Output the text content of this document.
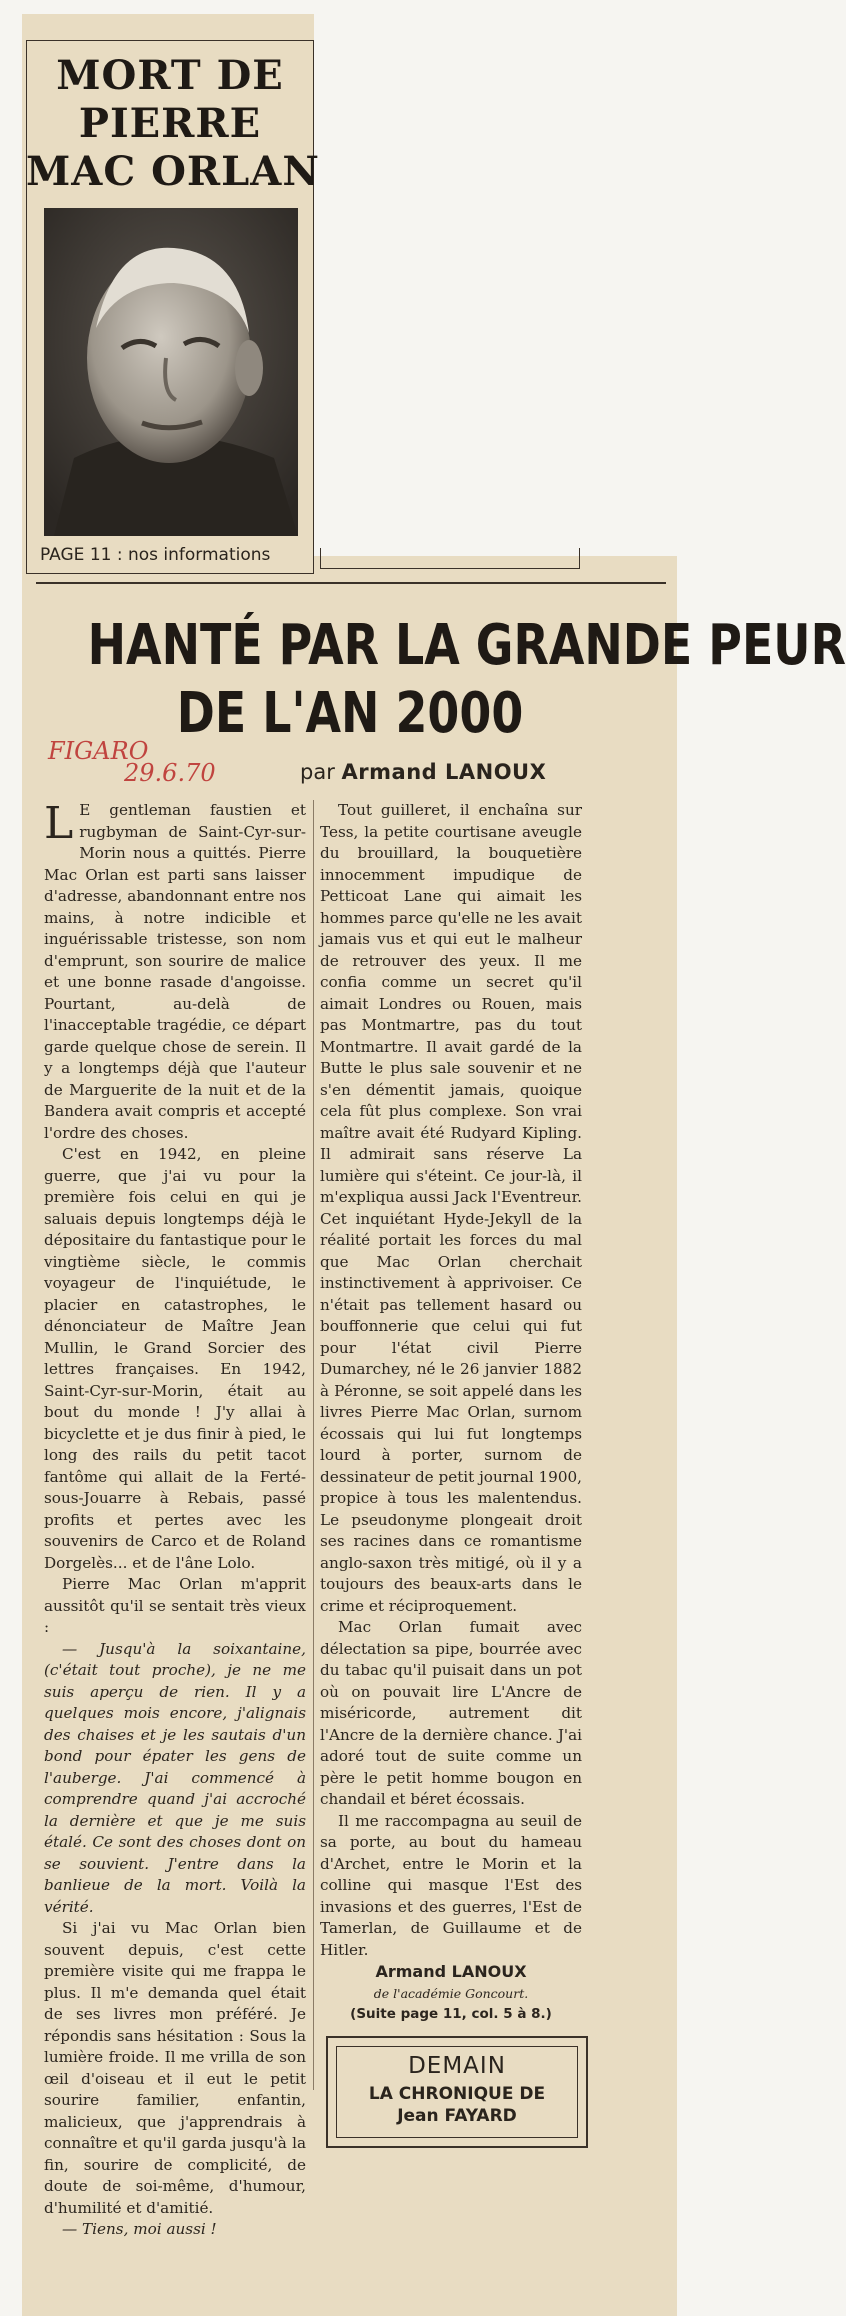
MORT DE
PIERRE
MAC ORLAN
PAGE 11 : nos informations
HANTÉ PAR LA GRANDE PEUR
DE L'AN 2000
FIGARO
29.6.70	par Armand LANOUX

L E gentleman faustien et rugbyman de Saint-Cyr-sur-Morin nous a quittés. Pierre Mac Orlan est parti sans laisser d'adresse, abandonnant entre nos mains, à notre indicible et inguérissable tristesse, son nom d'emprunt, son sourire de malice et une bonne rasade d'angoisse. Pourtant, au-delà de l'inacceptable tragédie, ce départ garde quelque chose de serein. Il y a longtemps déjà que l'auteur de Marguerite de la nuit et de la Bandera avait compris et accepté l'ordre des choses.

C'est en 1942, en pleine guerre, que j'ai vu pour la première fois celui en qui je saluais depuis longtemps déjà le dépositaire du fantastique pour le vingtième siècle, le commis voyageur de l'inquiétude, le placier en catastrophes, le dénonciateur de Maître Jean Mullin, le Grand Sorcier des lettres françaises. En 1942, Saint-Cyr-sur-Morin, était au bout du monde ! J'y allai à bicyclette et je dus finir à pied, le long des rails du petit tacot fantôme qui allait de la Ferté-sous-Jouarre à Rebais, passé profits et pertes avec les souvenirs de Carco et de Roland Dorgelès... et de l'âne Lolo.

Pierre Mac Orlan m'apprit aussitôt qu'il se sentait très vieux :

— Jusqu'à la soixantaine, (c'était tout proche), je ne me suis aperçu de rien. Il y a quelques mois encore, j'alignais des chaises et je les sautais d'un bond pour épater les gens de l'auberge. J'ai commencé à comprendre quand j'ai accroché la dernière et que je me suis étalé. Ce sont des choses dont on se souvient. J'entre dans la banlieue de la mort. Voilà la vérité.

Si j'ai vu Mac Orlan bien souvent depuis, c'est cette première visite qui me frappa le plus. Il m'e demanda quel était de ses livres mon préféré. Je répondis sans hésitation : Sous la lumière froide. Il me vrilla de son œil d'oiseau et il eut le petit sourire familier, enfantin, malicieux, que j'apprendrais à connaître et qu'il garda jusqu'à la fin, sourire de complicité, de doute de soi-même, d'humour, d'humilité et d'amitié.

— Tiens, moi aussi !

Tout guilleret, il enchaîna sur Tess, la petite courtisane aveugle du brouillard, la bouquetière innocemment impudique de Petticoat Lane qui aimait les hommes parce qu'elle ne les avait jamais vus et qui eut le malheur de retrouver des yeux. Il me confia comme un secret qu'il aimait Londres ou Rouen, mais pas Montmartre, pas du tout Montmartre. Il avait gardé de la Butte le plus sale souvenir et ne s'en démentit jamais, quoique cela fût plus complexe. Son vrai maître avait été Rudyard Kipling. Il admirait sans réserve La lumière qui s'éteint. Ce jour-là, il m'expliqua aussi Jack l'Eventreur. Cet inquiétant Hyde-Jekyll de la réalité portait les forces du mal que Mac Orlan cherchait instinctivement à apprivoiser. Ce n'était pas tellement hasard ou bouffonnerie que celui qui fut pour l'état civil Pierre Dumarchey, né le 26 janvier 1882 à Péronne, se soit appelé dans les livres Pierre Mac Orlan, surnom écossais qui lui fut longtemps lourd à porter, surnom de dessinateur de petit journal 1900, propice à tous les malentendus. Le pseudonyme plongeait droit ses racines dans ce romantisme anglo-saxon très mitigé, où il y a toujours des beaux-arts dans le crime et réciproquement.

Mac Orlan fumait avec délectation sa pipe, bourrée avec du tabac qu'il puisait dans un pot où on pouvait lire L'Ancre de miséricorde, autrement dit l'Ancre de la dernière chance. J'ai adoré tout de suite comme un père le petit homme bougon en chandail et béret écossais.

Il me raccompagna au seuil de sa porte, au bout du hameau d'Archet, entre le Morin et la colline qui masque l'Est des invasions et des guerres, l'Est de Tamerlan, de Guillaume et de Hitler.

Armand LANOUX

de l'académie Goncourt.

(Suite page 11, col. 5 à 8.)

DEMAIN
LA CHRONIQUE DE
Jean FAYARD
